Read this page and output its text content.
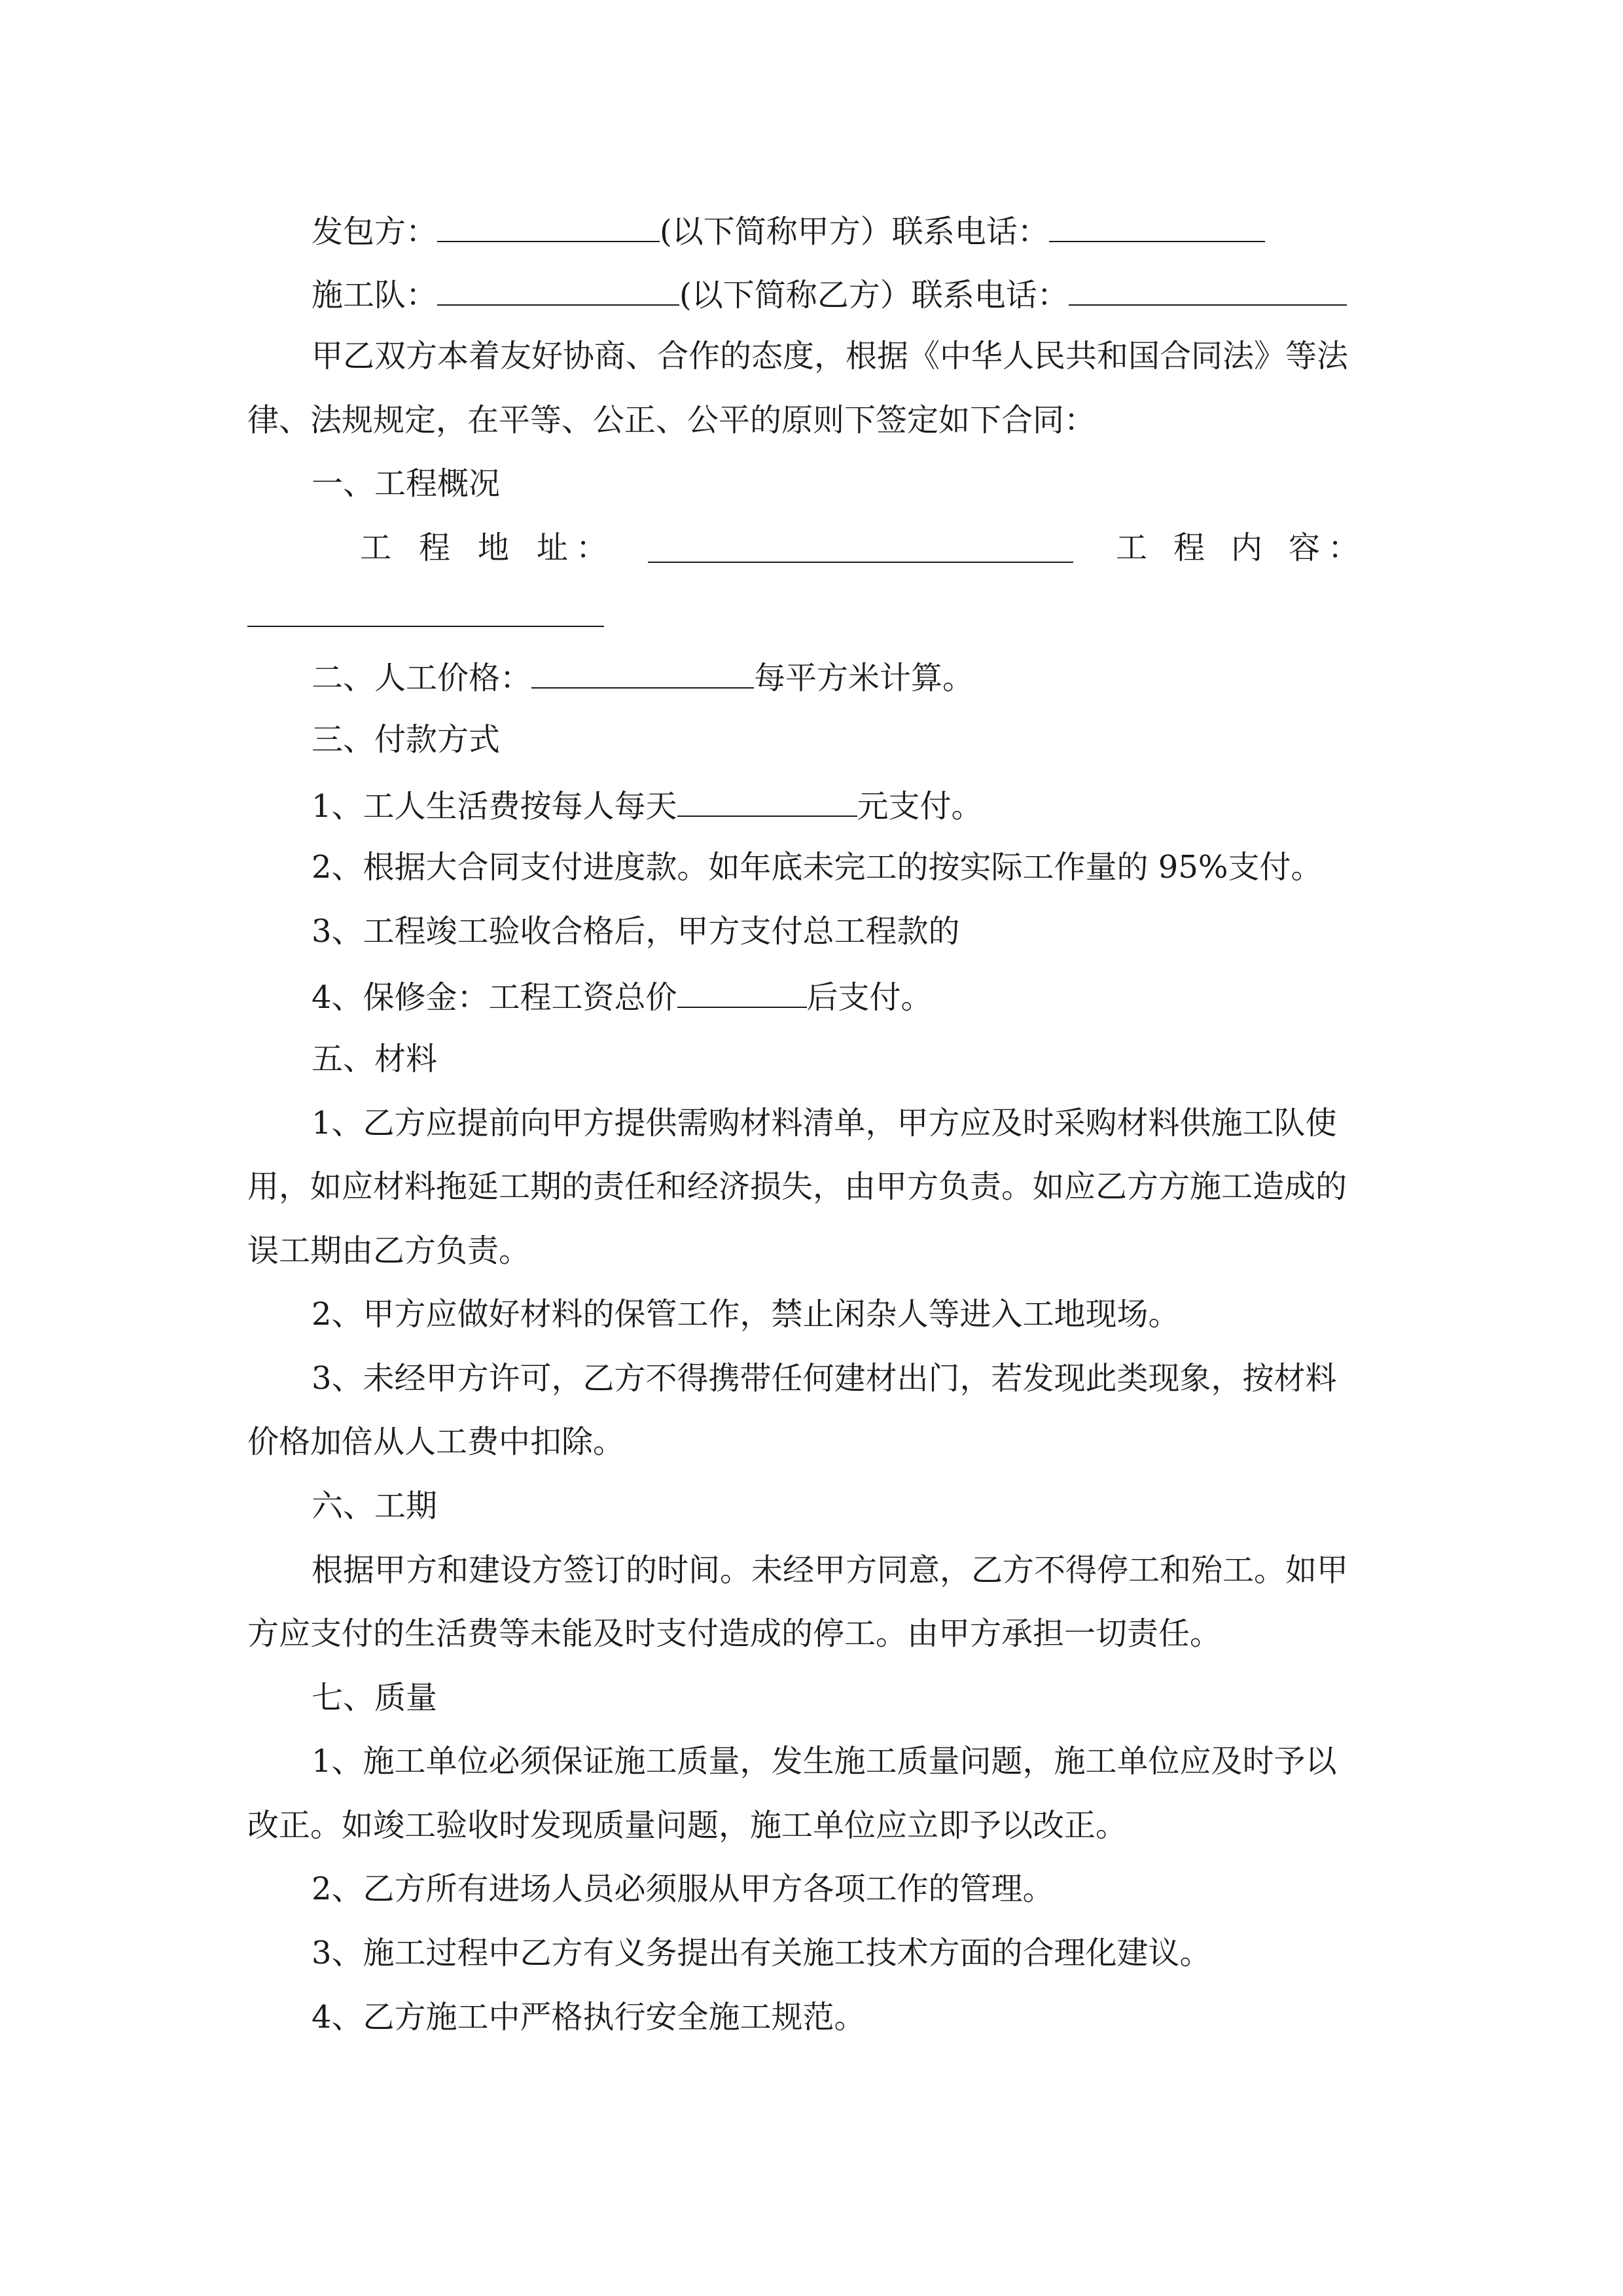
发包方：	(以下简称甲方）联系电话：
施工队：	(以下简称乙方）联系电话：
甲乙双方本着友好协商、合作的态度，根据《中华人民共和国合同法》等法
律、法规规定，在平等、公正、公平的原则下签定如下合同：
一、工程概况
工 程 地 址 ：	工 程 内 容 ：
二、人工价格：	每平方米计算。
三、付款方式
1、工人生活费按每人每天	元支付。
2、根据大合同支付进度款。如年底未完工的按实际工作量的 95%支付。
3、工程竣工验收合格后，甲方支付总工程款的
4、保修金：工程工资总价	后支付。
五、材料
1、乙方应提前向甲方提供需购材料清单，甲方应及时采购材料供施工队使
用，如应材料拖延工期的责任和经济损失，由甲方负责。如应乙方方施工造成的
误工期由乙方负责。
2、甲方应做好材料的保管工作，禁止闲杂人等进入工地现场。
3、未经甲方许可，乙方不得携带任何建材出门，若发现此类现象，按材料
价格加倍从人工费中扣除。
六、工期
根据甲方和建设方签订的时间。未经甲方同意，乙方不得停工和殆工。如甲
方应支付的生活费等未能及时支付造成的停工。由甲方承担一切责任。
七、质量
1、施工单位必须保证施工质量，发生施工质量问题，施工单位应及时予以
改正。如竣工验收时发现质量问题，施工单位应立即予以改正。
2、乙方所有进场人员必须服从甲方各项工作的管理。
3、施工过程中乙方有义务提出有关施工技术方面的合理化建议。
4、乙方施工中严格执行安全施工规范。
